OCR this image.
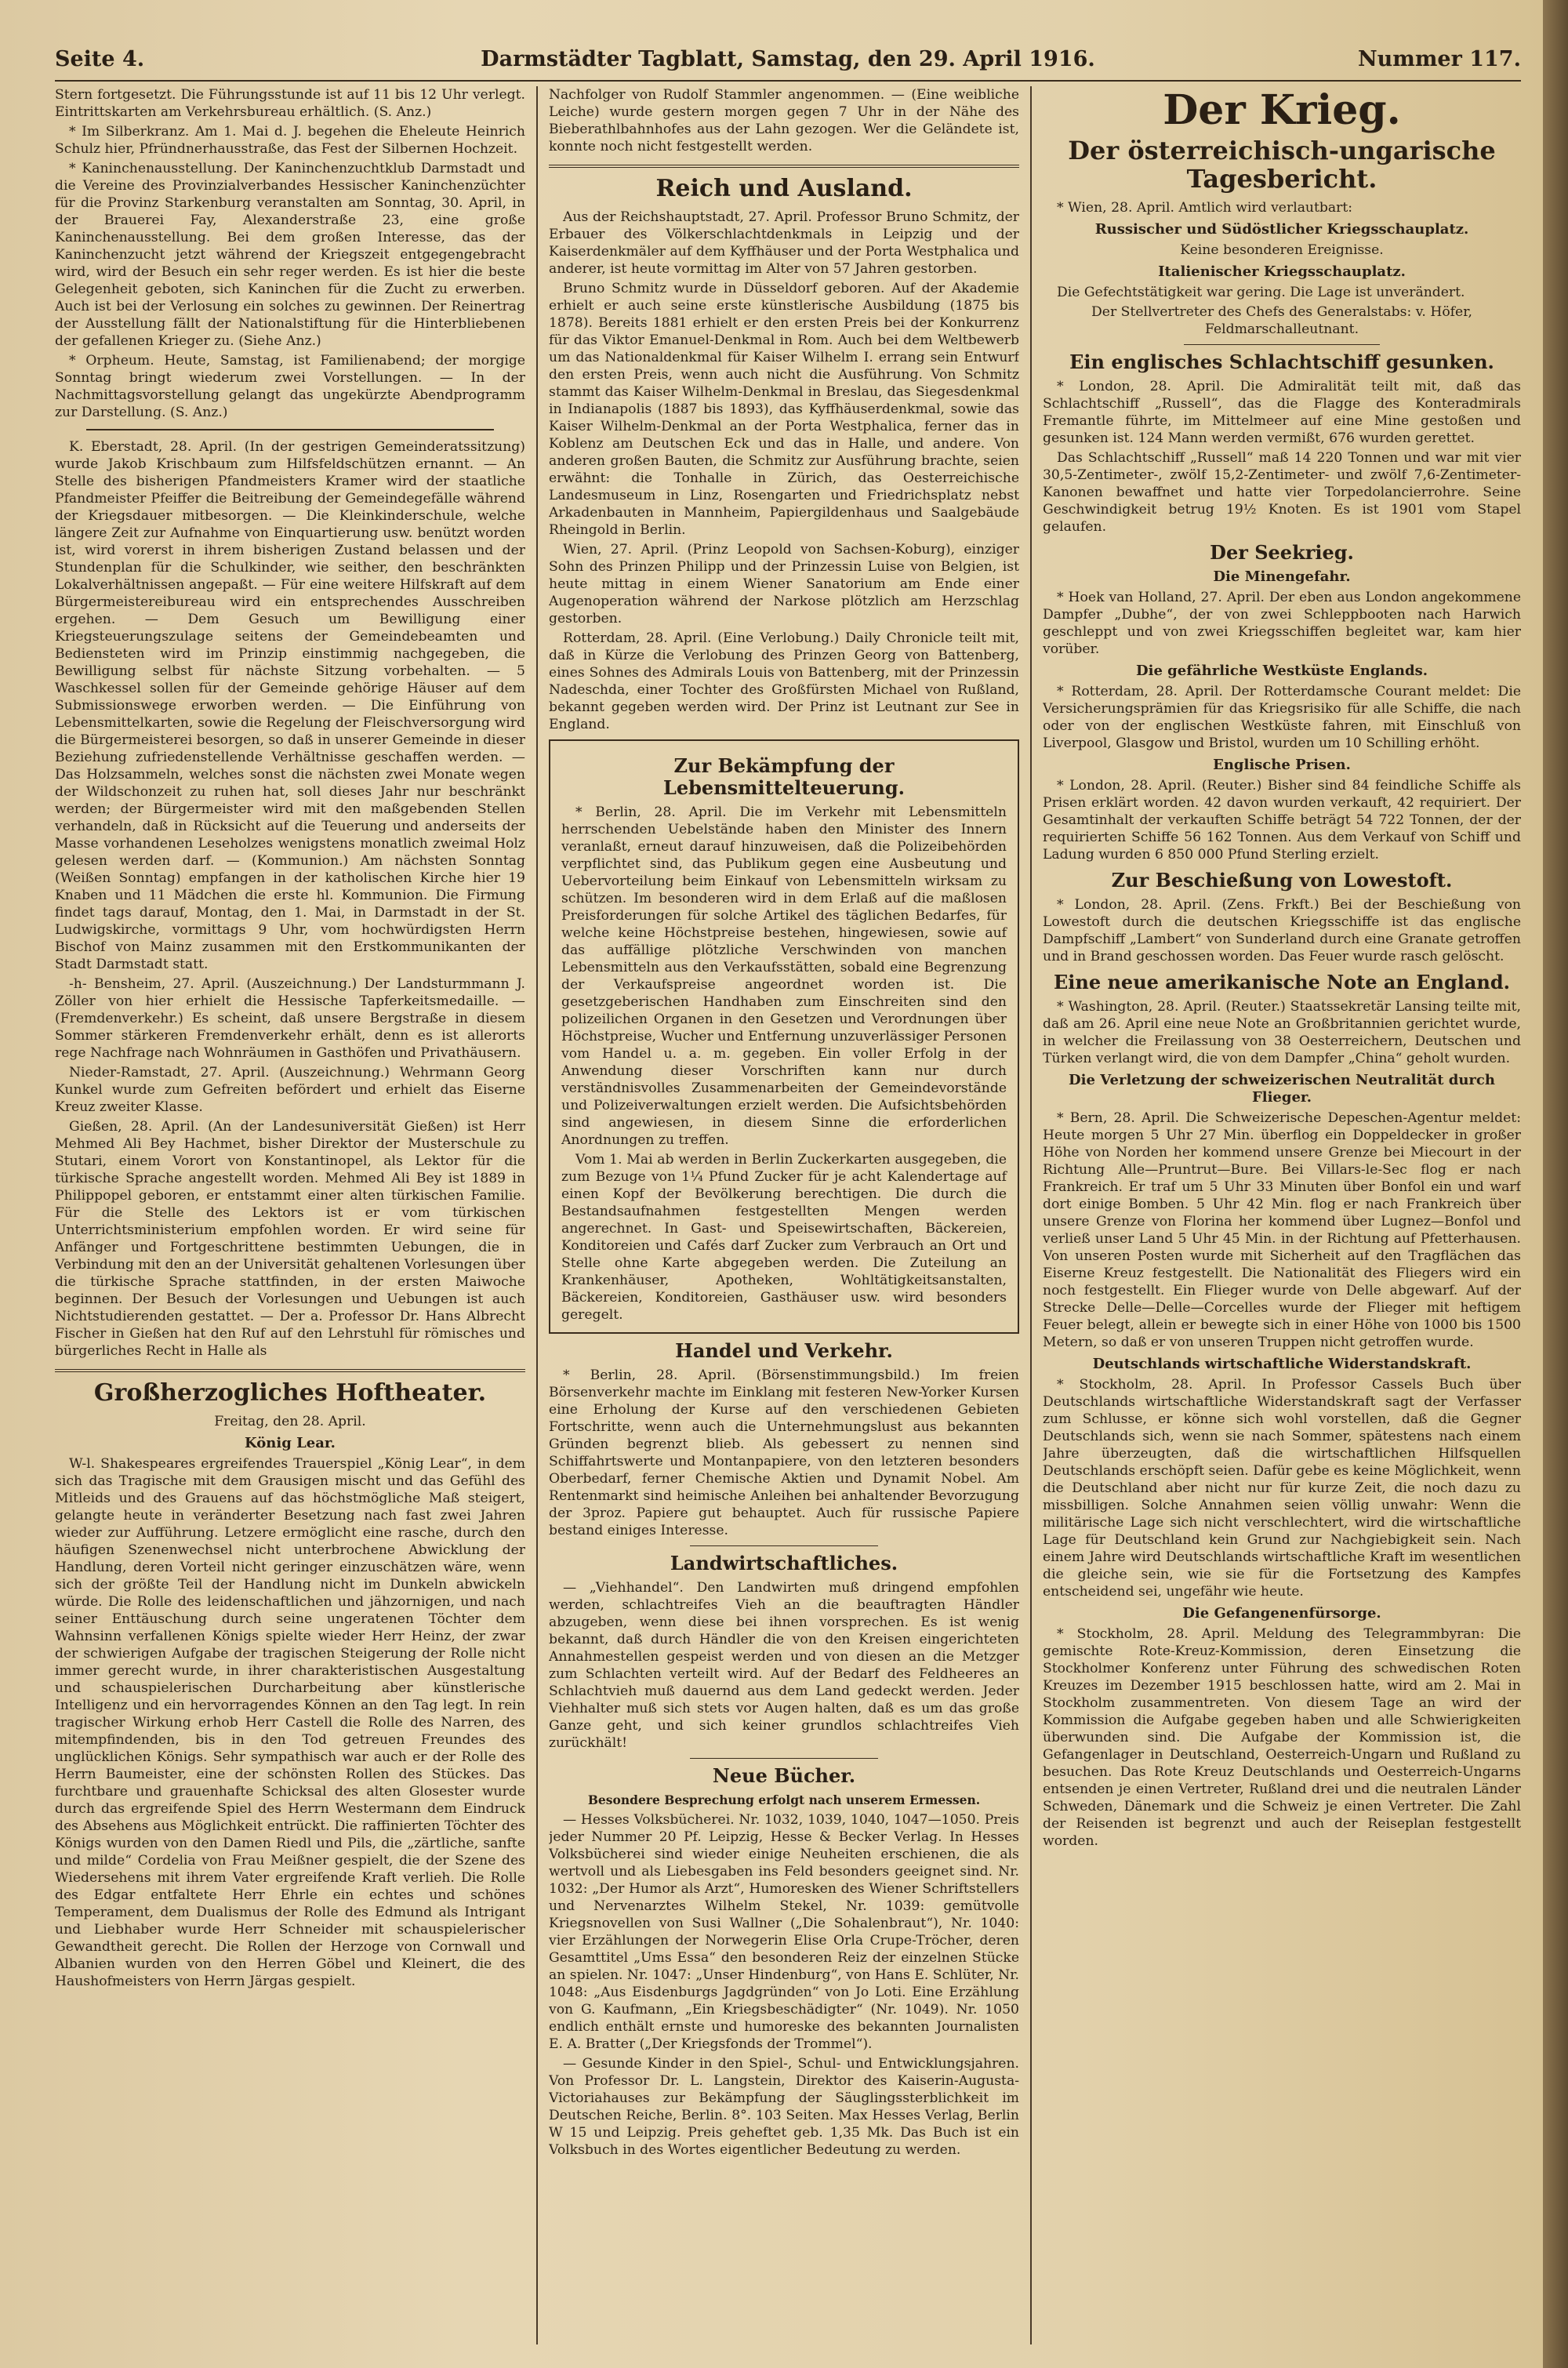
Seite 4.	Darmstädter Tagblatt, Samstag, den 29. April 1916.	Nummer 117.

Stern fortgesetzt. Die Führungsstunde ist auf 11 bis 12 Uhr verlegt. Eintrittskarten am Verkehrsbureau erhältlich. (S. Anz.)

* Im Silberkranz. Am 1. Mai d. J. begehen die Eheleute Heinrich Schulz hier, Pfründnerhausstraße, das Fest der Silbernen Hochzeit.

* Kaninchenausstellung. Der Kaninchenzuchtklub Darmstadt und die Vereine des Provinzialverbandes Hessischer Kaninchenzüchter für die Provinz Starkenburg veranstalten am Sonntag, 30. April, in der Brauerei Fay, Alexanderstraße 23, eine große Kaninchenausstellung. Bei dem großen Interesse, das der Kaninchenzucht jetzt während der Kriegszeit entgegengebracht wird, wird der Besuch ein sehr reger werden. Es ist hier die beste Gelegenheit geboten, sich Kaninchen für die Zucht zu erwerben. Auch ist bei der Verlosung ein solches zu gewinnen. Der Reinertrag der Ausstellung fällt der Nationalstiftung für die Hinterbliebenen der gefallenen Krieger zu. (Siehe Anz.)

* Orpheum. Heute, Samstag, ist Familienabend; der morgige Sonntag bringt wiederum zwei Vorstellungen. — In der Nachmittagsvorstellung gelangt das ungekürzte Abendprogramm zur Darstellung. (S. Anz.)

K. Eberstadt, 28. April. (In der gestrigen Gemeinderatssitzung) wurde Jakob Krischbaum zum Hilfsfeldschützen ernannt. — An Stelle des bisherigen Pfandmeisters Kramer wird der staatliche Pfandmeister Pfeiffer die Beitreibung der Gemeindegefälle während der Kriegsdauer mitbesorgen. — Die Kleinkinderschule, welche längere Zeit zur Aufnahme von Einquartierung usw. benützt worden ist, wird vorerst in ihrem bisherigen Zustand belassen und der Stundenplan für die Schulkinder, wie seither, den beschränkten Lokalverhältnissen angepaßt. — Für eine weitere Hilfskraft auf dem Bürgermeistereibureau wird ein entsprechendes Ausschreiben ergehen. — Dem Gesuch um Bewilligung einer Kriegsteuerungszulage seitens der Gemeindebeamten und Bediensteten wird im Prinzip einstimmig nachgegeben, die Bewilligung selbst für nächste Sitzung vorbehalten. — 5 Waschkessel sollen für der Gemeinde gehörige Häuser auf dem Submissionswege erworben werden. — Die Einführung von Lebensmittelkarten, sowie die Regelung der Fleischversorgung wird die Bürgermeisterei besorgen, so daß in unserer Gemeinde in dieser Beziehung zufriedenstellende Verhältnisse geschaffen werden. — Das Holzsammeln, welches sonst die nächsten zwei Monate wegen der Wildschonzeit zu ruhen hat, soll dieses Jahr nur beschränkt werden; der Bürgermeister wird mit den maßgebenden Stellen verhandeln, daß in Rücksicht auf die Teuerung und anderseits der Masse vorhandenen Leseholzes wenigstens monatlich zweimal Holz gelesen werden darf. — (Kommunion.) Am nächsten Sonntag (Weißen Sonntag) empfangen in der katholischen Kirche hier 19 Knaben und 11 Mädchen die erste hl. Kommunion. Die Firmung findet tags darauf, Montag, den 1. Mai, in Darmstadt in der St. Ludwigskirche, vormittags 9 Uhr, vom hochwürdigsten Herrn Bischof von Mainz zusammen mit den Erstkommunikanten der Stadt Darmstadt statt.

-h- Bensheim, 27. April. (Auszeichnung.) Der Landsturmmann J. Zöller von hier erhielt die Hessische Tapferkeitsmedaille. — (Fremdenverkehr.) Es scheint, daß unsere Bergstraße in diesem Sommer stärkeren Fremdenverkehr erhält, denn es ist allerorts rege Nachfrage nach Wohnräumen in Gasthöfen und Privathäusern.

Nieder-Ramstadt, 27. April. (Auszeichnung.) Wehrmann Georg Kunkel wurde zum Gefreiten befördert und erhielt das Eiserne Kreuz zweiter Klasse.

Gießen, 28. April. (An der Landesuniversität Gießen) ist Herr Mehmed Ali Bey Hachmet, bisher Direktor der Musterschule zu Stutari, einem Vorort von Konstantinopel, als Lektor für die türkische Sprache angestellt worden. Mehmed Ali Bey ist 1889 in Philippopel geboren, er entstammt einer alten türkischen Familie. Für die Stelle des Lektors ist er vom türkischen Unterrichtsministerium empfohlen worden. Er wird seine für Anfänger und Fortgeschrittene bestimmten Uebungen, die in Verbindung mit den an der Universität gehaltenen Vorlesungen über die türkische Sprache stattfinden, in der ersten Maiwoche beginnen. Der Besuch der Vorlesungen und Uebungen ist auch Nichtstudierenden gestattet. — Der a. Professor Dr. Hans Albrecht Fischer in Gießen hat den Ruf auf den Lehrstuhl für römisches und bürgerliches Recht in Halle als

Großherzogliches Hoftheater.

Freitag, den 28. April.

König Lear.

W-l. Shakespeares ergreifendes Trauerspiel „König Lear“, in dem sich das Tragische mit dem Grausigen mischt und das Gefühl des Mitleids und des Grauens auf das höchstmögliche Maß steigert, gelangte heute in veränderter Besetzung nach fast zwei Jahren wieder zur Aufführung. Letzere ermöglicht eine rasche, durch den häufigen Szenenwechsel nicht unterbrochene Abwicklung der Handlung, deren Vorteil nicht geringer einzuschätzen wäre, wenn sich der größte Teil der Handlung nicht im Dunkeln abwickeln würde. Die Rolle des leidenschaftlichen und jähzornigen, und nach seiner Enttäuschung durch seine ungeratenen Töchter dem Wahnsinn verfallenen Königs spielte wieder Herr Heinz, der zwar der schwierigen Aufgabe der tragischen Steigerung der Rolle nicht immer gerecht wurde, in ihrer charakteristischen Ausgestaltung und schauspielerischen Durcharbeitung aber künstlerische Intelligenz und ein hervorragendes Können an den Tag legt. In rein tragischer Wirkung erhob Herr Castell die Rolle des Narren, des mitempfindenden, bis in den Tod getreuen Freundes des unglücklichen Königs. Sehr sympathisch war auch er der Rolle des Herrn Baumeister, eine der schönsten Rollen des Stückes. Das furchtbare und grauenhafte Schicksal des alten Glosester wurde durch das ergreifende Spiel des Herrn Westermann dem Eindruck des Absehens aus Möglichkeit entrückt. Die raffinierten Töchter des Königs wurden von den Damen Riedl und Pils, die „zärtliche, sanfte und milde“ Cordelia von Frau Meißner gespielt, die der Szene des Wiedersehens mit ihrem Vater ergreifende Kraft verlieh. Die Rolle des Edgar entfaltete Herr Ehrle ein echtes und schönes Temperament, dem Dualismus der Rolle des Edmund als Intrigant und Liebhaber wurde Herr Schneider mit schauspielerischer Gewandtheit gerecht. Die Rollen der Herzoge von Cornwall und Albanien wurden von den Herren Göbel und Kleinert, die des Haushofmeisters von Herrn Järgas gespielt.

Nachfolger von Rudolf Stammler angenommen. — (Eine weibliche Leiche) wurde gestern morgen gegen 7 Uhr in der Nähe des Bieberathlbahnhofes aus der Lahn gezogen. Wer die Geländete ist, konnte noch nicht festgestellt werden.

Reich und Ausland.

Aus der Reichshauptstadt, 27. April. Professor Bruno Schmitz, der Erbauer des Völkerschlachtdenkmals in Leipzig und der Kaiserdenkmäler auf dem Kyffhäuser und der Porta Westphalica und anderer, ist heute vormittag im Alter von 57 Jahren gestorben.

Bruno Schmitz wurde in Düsseldorf geboren. Auf der Akademie erhielt er auch seine erste künstlerische Ausbildung (1875 bis 1878). Bereits 1881 erhielt er den ersten Preis bei der Konkurrenz für das Viktor Emanuel-Denkmal in Rom. Auch bei dem Weltbewerb um das Nationaldenkmal für Kaiser Wilhelm I. errang sein Entwurf den ersten Preis, wenn auch nicht die Ausführung. Von Schmitz stammt das Kaiser Wilhelm-Denkmal in Breslau, das Siegesdenkmal in Indianapolis (1887 bis 1893), das Kyffhäuserdenkmal, sowie das Kaiser Wilhelm-Denkmal an der Porta Westphalica, ferner das in Koblenz am Deutschen Eck und das in Halle, und andere. Von anderen großen Bauten, die Schmitz zur Ausführung brachte, seien erwähnt: die Tonhalle in Zürich, das Oesterreichische Landesmuseum in Linz, Rosengarten und Friedrichsplatz nebst Arkadenbauten in Mannheim, Papiergildenhaus und Saalgebäude Rheingold in Berlin.

Wien, 27. April. (Prinz Leopold von Sachsen-Koburg), einziger Sohn des Prinzen Philipp und der Prinzessin Luise von Belgien, ist heute mittag in einem Wiener Sanatorium am Ende einer Augenoperation während der Narkose plötzlich am Herzschlag gestorben.

Rotterdam, 28. April. (Eine Verlobung.) Daily Chronicle teilt mit, daß in Kürze die Verlobung des Prinzen Georg von Battenberg, eines Sohnes des Admirals Louis von Battenberg, mit der Prinzessin Nadeschda, einer Tochter des Großfürsten Michael von Rußland, bekannt gegeben werden wird. Der Prinz ist Leutnant zur See in England.

Zur Bekämpfung der Lebensmittelteuerung.

* Berlin, 28. April. Die im Verkehr mit Lebensmitteln herrschenden Uebelstände haben den Minister des Innern veranlaßt, erneut darauf hinzuweisen, daß die Polizeibehörden verpflichtet sind, das Publikum gegen eine Ausbeutung und Uebervorteilung beim Einkauf von Lebensmitteln wirksam zu schützen. Im besonderen wird in dem Erlaß auf die maßlosen Preisforderungen für solche Artikel des täglichen Bedarfes, für welche keine Höchstpreise bestehen, hingewiesen, sowie auf das auffällige plötzliche Verschwinden von manchen Lebensmitteln aus den Verkaufsstätten, sobald eine Begrenzung der Verkaufspreise angeordnet worden ist. Die gesetzgeberischen Handhaben zum Einschreiten sind den polizeilichen Organen in den Gesetzen und Verordnungen über Höchstpreise, Wucher und Entfernung unzuverlässiger Personen vom Handel u. a. m. gegeben. Ein voller Erfolg in der Anwendung dieser Vorschriften kann nur durch verständnisvolles Zusammenarbeiten der Gemeindevorstände und Polizeiverwaltungen erzielt werden. Die Aufsichtsbehörden sind angewiesen, in diesem Sinne die erforderlichen Anordnungen zu treffen.

Vom 1. Mai ab werden in Berlin Zuckerkarten ausgegeben, die zum Bezuge von 1¼ Pfund Zucker für je acht Kalendertage auf einen Kopf der Bevölkerung berechtigen. Die durch die Bestandsaufnahmen festgestellten Mengen werden angerechnet. In Gast- und Speisewirtschaften, Bäckereien, Konditoreien und Cafés darf Zucker zum Verbrauch an Ort und Stelle ohne Karte abgegeben werden. Die Zuteilung an Krankenhäuser, Apotheken, Wohltätigkeitsanstalten, Bäckereien, Konditoreien, Gasthäuser usw. wird besonders geregelt.

Handel und Verkehr.

* Berlin, 28. April. (Börsenstimmungsbild.) Im freien Börsenverkehr machte im Einklang mit festeren New-Yorker Kursen eine Erholung der Kurse auf den verschiedenen Gebieten Fortschritte, wenn auch die Unternehmungslust aus bekannten Gründen begrenzt blieb. Als gebessert zu nennen sind Schiffahrtswerte und Montanpapiere, von den letzteren besonders Oberbedarf, ferner Chemische Aktien und Dynamit Nobel. Am Rentenmarkt sind heimische Anleihen bei anhaltender Bevorzugung der 3proz. Papiere gut behauptet. Auch für russische Papiere bestand einiges Interesse.

Landwirtschaftliches.

— „Viehhandel“. Den Landwirten muß dringend empfohlen werden, schlachtreifes Vieh an die beauftragten Händler abzugeben, wenn diese bei ihnen vorsprechen. Es ist wenig bekannt, daß durch Händler die von den Kreisen eingerichteten Annahmestellen gespeist werden und von diesen an die Metzger zum Schlachten verteilt wird. Auf der Bedarf des Feldheeres an Schlachtvieh muß dauernd aus dem Land gedeckt werden. Jeder Viehhalter muß sich stets vor Augen halten, daß es um das große Ganze geht, und sich keiner grundlos schlachtreifes Vieh zurückhält!

Neue Bücher.

Besondere Besprechung erfolgt nach unserem Ermessen.

— Hesses Volksbücherei. Nr. 1032, 1039, 1040, 1047—1050. Preis jeder Nummer 20 Pf. Leipzig, Hesse & Becker Verlag. In Hesses Volksbücherei sind wieder einige Neuheiten erschienen, die als wertvoll und als Liebesgaben ins Feld besonders geeignet sind. Nr. 1032: „Der Humor als Arzt“, Humoresken des Wiener Schriftstellers und Nervenarztes Wilhelm Stekel, Nr. 1039: gemütvolle Kriegsnovellen von Susi Wallner („Die Sohalenbraut“), Nr. 1040: vier Erzählungen der Norwegerin Elise Orla Crupe-Tröcher, deren Gesamttitel „Ums Essa“ den besonderen Reiz der einzelnen Stücke an spielen. Nr. 1047: „Unser Hindenburg“, von Hans E. Schlüter, Nr. 1048: „Aus Eisdenburgs Jagdgründen“ von Jo Loti. Eine Erzählung von G. Kaufmann, „Ein Kriegsbeschädigter“ (Nr. 1049). Nr. 1050 endlich enthält ernste und humoreske des bekannten Journalisten E. A. Bratter („Der Kriegsfonds der Trommel“).

— Gesunde Kinder in den Spiel-, Schul- und Entwicklungsjahren. Von Professor Dr. L. Langstein, Direktor des Kaiserin-Augusta-Victoriahauses zur Bekämpfung der Säuglingssterblichkeit im Deutschen Reiche, Berlin. 8°. 103 Seiten. Max Hesses Verlag, Berlin W 15 und Leipzig. Preis geheftet geb. 1,35 Mk. Das Buch ist ein Volksbuch in des Wortes eigentlicher Bedeutung zu werden.

Der Krieg.
Der österreichisch-ungarische Tagesbericht.

* Wien, 28. April. Amtlich wird verlautbart:

Russischer und Südöstlicher Kriegsschauplatz.

Keine besonderen Ereignisse.

Italienischer Kriegsschauplatz.

Die Gefechtstätigkeit war gering. Die Lage ist unverändert.

Der Stellvertreter des Chefs des Generalstabs: v. Höfer, Feldmarschalleutnant.

Ein englisches Schlachtschiff gesunken.

* London, 28. April. Die Admiralität teilt mit, daß das Schlachtschiff „Russell“, das die Flagge des Konteradmirals Fremantle führte, im Mittelmeer auf eine Mine gestoßen und gesunken ist. 124 Mann werden vermißt, 676 wurden gerettet.

Das Schlachtschiff „Russell“ maß 14 220 Tonnen und war mit vier 30,5-Zentimeter-, zwölf 15,2-Zentimeter- und zwölf 7,6-Zentimeter-Kanonen bewaffnet und hatte vier Torpedolancierrohre. Seine Geschwindigkeit betrug 19½ Knoten. Es ist 1901 vom Stapel gelaufen.

Der Seekrieg.
Die Minengefahr.

* Hoek van Holland, 27. April. Der eben aus London angekommene Dampfer „Dubhe“, der von zwei Schleppbooten nach Harwich geschleppt und von zwei Kriegsschiffen begleitet war, kam hier vorüber.

Die gefährliche Westküste Englands.

* Rotterdam, 28. April. Der Rotterdamsche Courant meldet: Die Versicherungsprämien für das Kriegsrisiko für alle Schiffe, die nach oder von der englischen Westküste fahren, mit Einschluß von Liverpool, Glasgow und Bristol, wurden um 10 Schilling erhöht.

Englische Prisen.

* London, 28. April. (Reuter.) Bisher sind 84 feindliche Schiffe als Prisen erklärt worden. 42 davon wurden verkauft, 42 requiriert. Der Gesamtinhalt der verkauften Schiffe beträgt 54 722 Tonnen, der der requirierten Schiffe 56 162 Tonnen. Aus dem Verkauf von Schiff und Ladung wurden 6 850 000 Pfund Sterling erzielt.

Zur Beschießung von Lowestoft.

* London, 28. April. (Zens. Frkft.) Bei der Beschießung von Lowestoft durch die deutschen Kriegsschiffe ist das englische Dampfschiff „Lambert“ von Sunderland durch eine Granate getroffen und in Brand geschossen worden. Das Feuer wurde rasch gelöscht.

Eine neue amerikanische Note an England.

* Washington, 28. April. (Reuter.) Staatssekretär Lansing teilte mit, daß am 26. April eine neue Note an Großbritannien gerichtet wurde, in welcher die Freilassung von 38 Oesterreichern, Deutschen und Türken verlangt wird, die von dem Dampfer „China“ geholt wurden.

Die Verletzung der schweizerischen Neutralität durch Flieger.

* Bern, 28. April. Die Schweizerische Depeschen-Agentur meldet: Heute morgen 5 Uhr 27 Min. überflog ein Doppeldecker in großer Höhe von Norden her kommend unsere Grenze bei Miecourt in der Richtung Alle—Pruntrut—Bure. Bei Villars-le-Sec flog er nach Frankreich. Er traf um 5 Uhr 33 Minuten über Bonfol ein und warf dort einige Bomben. 5 Uhr 42 Min. flog er nach Frankreich über unsere Grenze von Florina her kommend über Lugnez—Bonfol und verließ unser Land 5 Uhr 45 Min. in der Richtung auf Pfetterhausen. Von unseren Posten wurde mit Sicherheit auf den Tragflächen das Eiserne Kreuz festgestellt. Die Nationalität des Fliegers wird ein noch festgestellt. Ein Flieger wurde von Delle abgewarf. Auf der Strecke Delle—Delle—Corcelles wurde der Flieger mit heftigem Feuer belegt, allein er bewegte sich in einer Höhe von 1000 bis 1500 Metern, so daß er von unseren Truppen nicht getroffen wurde.

Deutschlands wirtschaftliche Widerstandskraft.

* Stockholm, 28. April. In Professor Cassels Buch über Deutschlands wirtschaftliche Widerstandskraft sagt der Verfasser zum Schlusse, er könne sich wohl vorstellen, daß die Gegner Deutschlands sich, wenn sie nach Sommer, spätestens nach einem Jahre überzeugten, daß die wirtschaftlichen Hilfsquellen Deutschlands erschöpft seien. Dafür gebe es keine Möglichkeit, wenn die Deutschland aber nicht nur für kurze Zeit, die noch dazu zu missbilligen. Solche Annahmen seien völlig unwahr: Wenn die militärische Lage sich nicht verschlechtert, wird die wirtschaftliche Lage für Deutschland kein Grund zur Nachgiebigkeit sein. Nach einem Jahre wird Deutschlands wirtschaftliche Kraft im wesentlichen die gleiche sein, wie sie für die Fortsetzung des Kampfes entscheidend sei, ungefähr wie heute.

Die Gefangenenfürsorge.

* Stockholm, 28. April. Meldung des Telegrammbyran: Die gemischte Rote-Kreuz-Kommission, deren Einsetzung die Stockholmer Konferenz unter Führung des schwedischen Roten Kreuzes im Dezember 1915 beschlossen hatte, wird am 2. Mai in Stockholm zusammentreten. Von diesem Tage an wird der Kommission die Aufgabe gegeben haben und alle Schwierigkeiten überwunden sind. Die Aufgabe der Kommission ist, die Gefangenlager in Deutschland, Oesterreich-Ungarn und Rußland zu besuchen. Das Rote Kreuz Deutschlands und Oesterreich-Ungarns entsenden je einen Vertreter, Rußland drei und die neutralen Länder Schweden, Dänemark und die Schweiz je einen Vertreter. Die Zahl der Reisenden ist begrenzt und auch der Reiseplan festgestellt worden.
